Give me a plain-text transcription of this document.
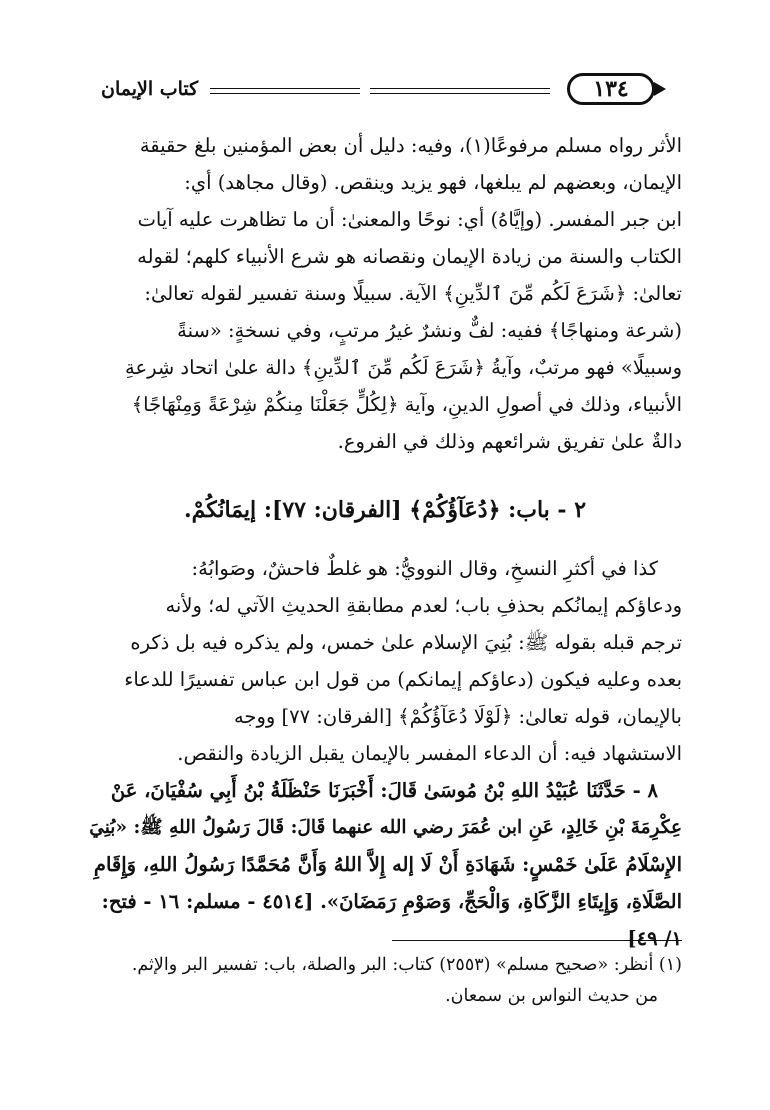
كتاب الإيمان	١٣٤
الأثر رواه مسلم مرفوعًا(١)، وفيه: دليل أن بعض المؤمنين بلغ حقيقة
الإيمان، وبعضهم لم يبلغها، فهو يزيد وينقص. (وقال مجاهد) أي:
ابن جبر المفسر. (وإيَّاهُ) أي: نوحًا والمعنىٰ: أن ما تظاهرت عليه آيات
الكتاب والسنة من زيادة الإيمان ونقصانه هو شرع الأنبياء كلهم؛ لقوله
تعالىٰ: ﴿شَرَعَ لَكُم مِّنَ ٱلدِّينِ﴾ الآية. سبيلًا وسنة تفسير لقوله تعالىٰ:
(شرعة ومنهاجًا﴾ ففيه: لفٌّ ونشرٌ غيرُ مرتبٍ، وفي نسخةٍ: «سنةً
وسبيلًا» فهو مرتبٌ، وآيةُ ﴿شَرَعَ لَكُم مِّنَ ٱلدِّينِ﴾ دالة علىٰ اتحاد شِرعةِ
الأنبياء، وذلك في أصولِ الدينِ، وآية ﴿لِكُلٍّ جَعَلْنَا مِنكُمْ شِرْعَةً وَمِنْهَاجًا﴾
دالةٌ علىٰ تفريق شرائعهم وذلك في الفروع.
٢ - باب: ﴿دُعَآؤُكُمْ﴾ [الفرقان: ٧٧]: إيمَانُكُمْ.
كذا في أكثرِ النسخِ، وقال النوويُّ: هو غلطٌ فاحشٌ، وصَوابُهُ:
ودعاؤكم إيمانُكم بحذفِ باب؛ لعدم مطابقةِ الحديثِ الآتي له؛ ولأنه
ترجم قبله بقوله ﷺ: بُنِيَ الإسلام علىٰ خمس، ولم يذكره فيه بل ذكره
بعده وعليه فيكون (دعاؤكم إيمانكم) من قول ابن عباس تفسيرًا للدعاء
بالإيمان، قوله تعالىٰ: ﴿لَوْلَا دُعَآؤُكُمْ﴾ [الفرقان: ٧٧] ووجه
الاستشهاد فيه: أن الدعاء المفسر بالإيمان يقبل الزيادة والنقص.
٨ - حَدَّثَنَا عُبَيْدُ اللهِ بْنُ مُوسَىٰ قَالَ: أَخْبَرَنَا حَنْظَلَةُ بْنُ أَبِي سُفْيَانَ، عَنْ
عِكْرِمَةَ بْنِ خَالِدٍ، عَنِ ابن عُمَرَ رضي الله عنهما قَالَ: قَالَ رَسُولُ اللهِ ﷺ: «بُنِيَ
الإِسْلَامُ عَلَىٰ خَمْسٍ: شَهَادَةِ أَنْ لَا إله إِلاَّ اللهُ وَأَنَّ مُحَمَّدًا رَسُولُ اللهِ، وَإِقَامِ
الصَّلَاةِ، وَإِيتَاءِ الزَّكَاةِ، وَالْحَجِّ، وَصَوْمِ رَمَضَانَ». [٤٥١٤ - مسلم: ١٦ - فتح:
١/ ٤٩]
(١) أنظر: «صحيح مسلم» (٢٥٥٣) كتاب: البر والصلة، باب: تفسير البر والإثم.
من حديث النواس بن سمعان.
